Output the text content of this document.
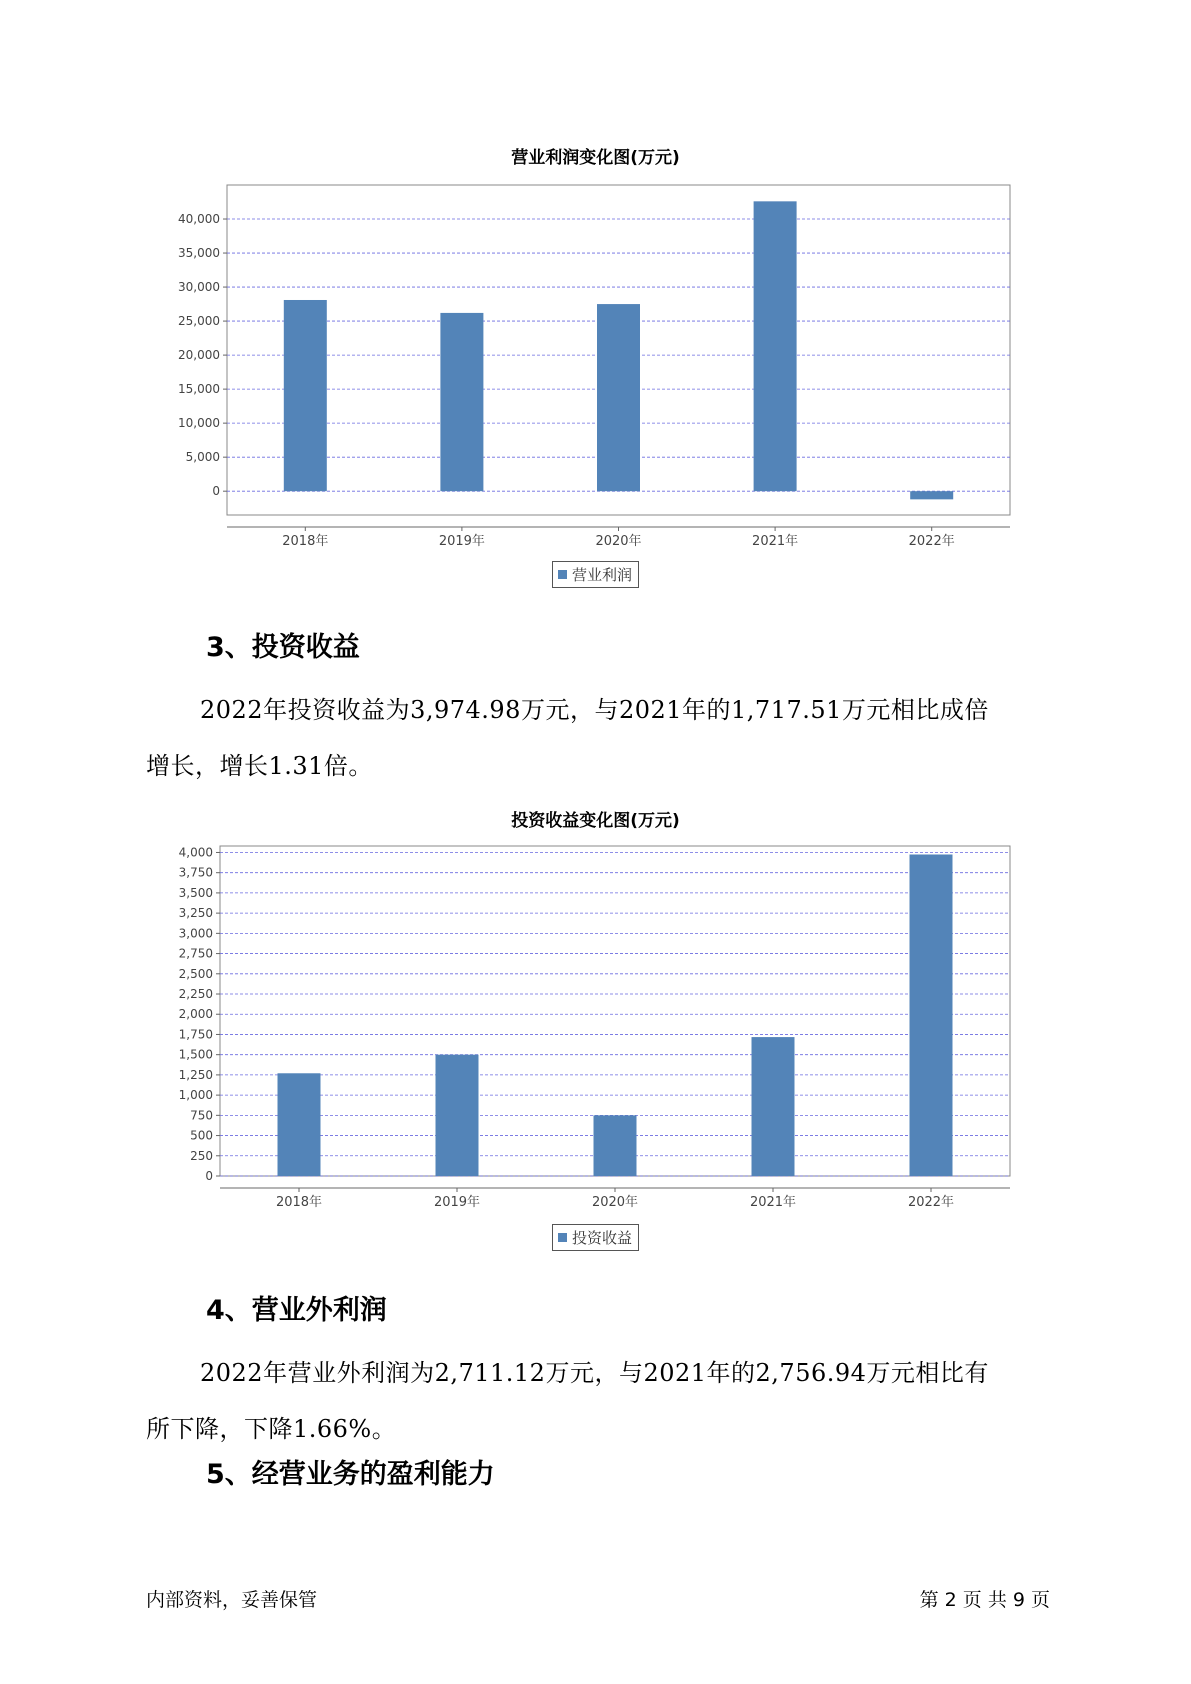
营业利润变化图(万元)
0
5,000
10,000
15,000
20,000
25,000
30,000
35,000
40,000
2018年	2019年	2020年	2021年	2022年
营业利润
3、投资收益
2022年投资收益为3,974.98万元，与2021年的1,717.51万元相比成倍
增长，增长1.31倍。
投资收益变化图(万元)
0
250
500
750
1,000
1,250
1,500
1,750
2,000
2,250
2,500
2,750
3,000
3,250
3,500
3,750
4,000
2018年	2019年	2020年	2021年	2022年
投资收益
4、营业外利润
2022年营业外利润为2,711.12万元，与2021年的2,756.94万元相比有
所下降，下降1.66%。
5、经营业务的盈利能力
内部资料，妥善保管	第 2 页 共 9 页
